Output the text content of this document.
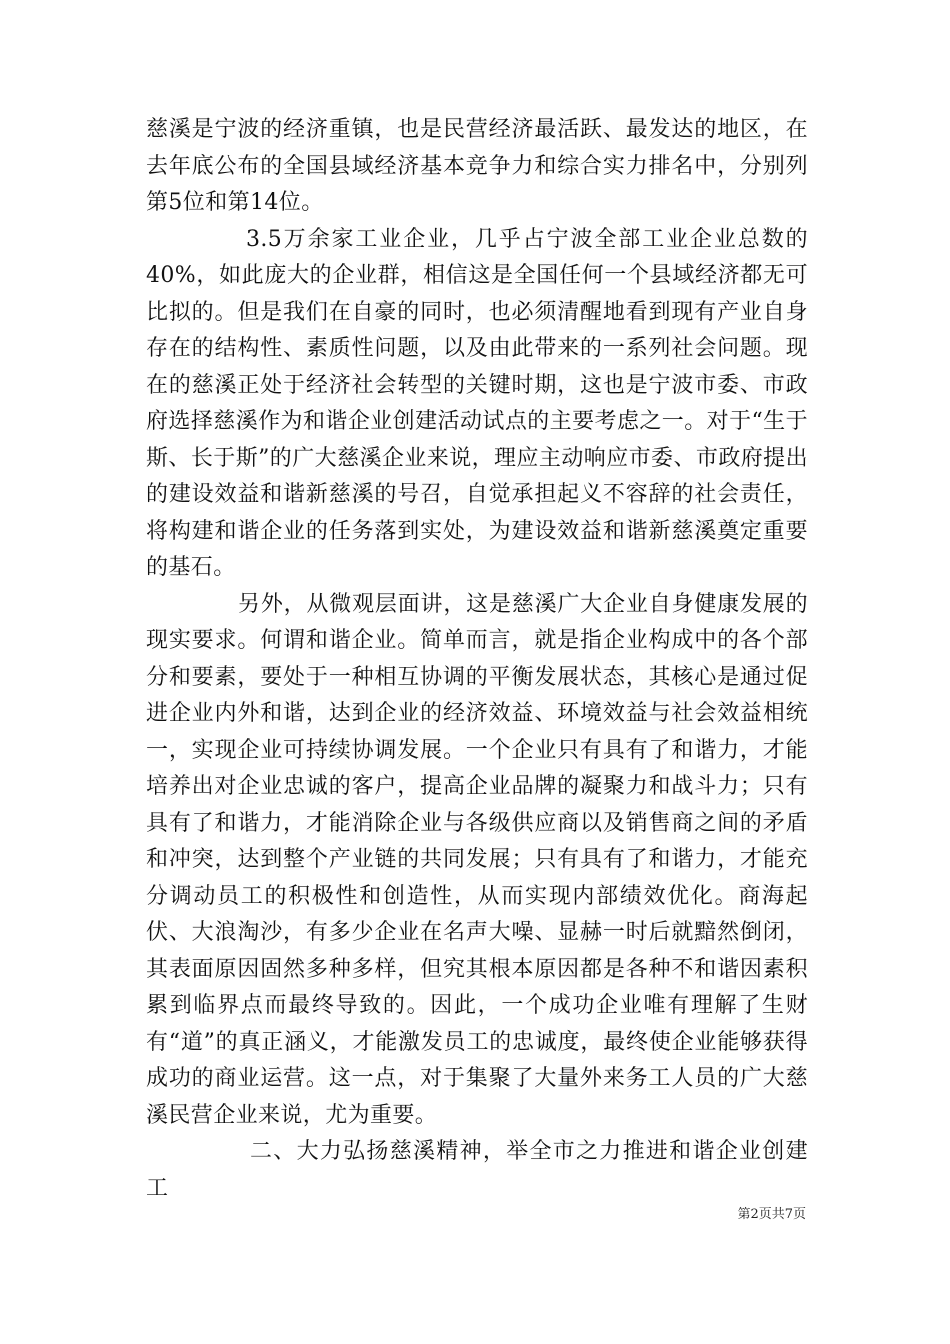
慈溪是宁波的经济重镇，也是民营经济最活跃、最发达的地区，在去年底公布的全国县域经济基本竞争力和综合实力排名中，分别列第5位和第14位。

3.5万余家工业企业，几乎占宁波全部工业企业总数的40%，如此庞大的企业群，相信这是全国任何一个县域经济都无可比拟的。但是我们在自豪的同时，也必须清醒地看到现有产业自身存在的结构性、素质性问题，以及由此带来的一系列社会问题。现在的慈溪正处于经济社会转型的关键时期，这也是宁波市委、市政府选择慈溪作为和谐企业创建活动试点的主要考虑之一。对于“生于斯、长于斯”的广大慈溪企业来说，理应主动响应市委、市政府提出的建设效益和谐新慈溪的号召，自觉承担起义不容辞的社会责任，将构建和谐企业的任务落到实处，为建设效益和谐新慈溪奠定重要的基石。

另外，从微观层面讲，这是慈溪广大企业自身健康发展的现实要求。何谓和谐企业。简单而言，就是指企业构成中的各个部分和要素，要处于一种相互协调的平衡发展状态，其核心是通过促进企业内外和谐，达到企业的经济效益、环境效益与社会效益相统一，实现企业可持续协调发展。一个企业只有具有了和谐力，才能培养出对企业忠诚的客户，提高企业品牌的凝聚力和战斗力；只有具有了和谐力，才能消除企业与各级供应商以及销售商之间的矛盾和冲突，达到整个产业链的共同发展；只有具有了和谐力，才能充分调动员工的积极性和创造性，从而实现内部绩效优化。商海起伏、大浪淘沙，有多少企业在名声大噪、显赫一时后就黯然倒闭，其表面原因固然多种多样，但究其根本原因都是各种不和谐因素积累到临界点而最终导致的。因此，一个成功企业唯有理解了生财有“道”的真正涵义，才能激发员工的忠诚度，最终使企业能够获得成功的商业运营。这一点，对于集聚了大量外来务工人员的广大慈溪民营企业来说，尤为重要。

二、大力弘扬慈溪精神，举全市之力推进和谐企业创建工

第2页共7页
